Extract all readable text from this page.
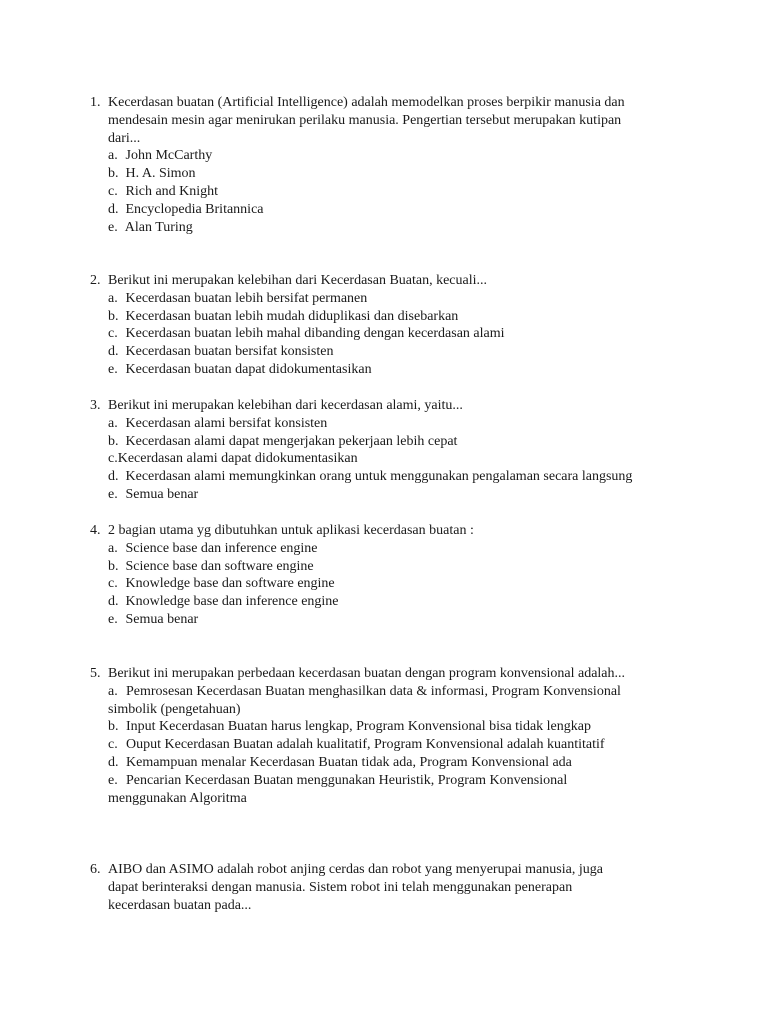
1. Kecerdasan buatan (Artificial Intelligence) adalah memodelkan proses berpikir manusia dan
mendesain mesin agar menirukan perilaku manusia. Pengertian tersebut merupakan kutipan
dari...
a. John McCarthy
b. H. A. Simon
c. Rich and Knight
d. Encyclopedia Britannica
e. Alan Turing
2. Berikut ini merupakan kelebihan dari Kecerdasan Buatan, kecuali...
a. Kecerdasan buatan lebih bersifat permanen
b. Kecerdasan buatan lebih mudah diduplikasi dan disebarkan
c. Kecerdasan buatan lebih mahal dibanding dengan kecerdasan alami
d. Kecerdasan buatan bersifat konsisten
e. Kecerdasan buatan dapat didokumentasikan
3. Berikut ini merupakan kelebihan dari kecerdasan alami, yaitu...
a. Kecerdasan alami bersifat konsisten
b. Kecerdasan alami dapat mengerjakan pekerjaan lebih cepat
c.Kecerdasan alami dapat didokumentasikan
d. Kecerdasan alami memungkinkan orang untuk menggunakan pengalaman secara langsung
e. Semua benar
4. 2 bagian utama yg dibutuhkan untuk aplikasi kecerdasan buatan :
a. Science base dan inference engine
b. Science base dan software engine
c. Knowledge base dan software engine
d. Knowledge base dan inference engine
e. Semua benar
5. Berikut ini merupakan perbedaan kecerdasan buatan dengan program konvensional adalah...
a. Pemrosesan Kecerdasan Buatan menghasilkan data & informasi, Program Konvensional
simbolik (pengetahuan)
b. Input Kecerdasan Buatan harus lengkap, Program Konvensional bisa tidak lengkap
c. Ouput Kecerdasan Buatan adalah kualitatif, Program Konvensional adalah kuantitatif
d. Kemampuan menalar Kecerdasan Buatan tidak ada, Program Konvensional ada
e. Pencarian Kecerdasan Buatan menggunakan Heuristik, Program Konvensional
menggunakan Algoritma
6. AIBO dan ASIMO adalah robot anjing cerdas dan robot yang menyerupai manusia, juga
dapat berinteraksi dengan manusia. Sistem robot ini telah menggunakan penerapan
kecerdasan buatan pada...
